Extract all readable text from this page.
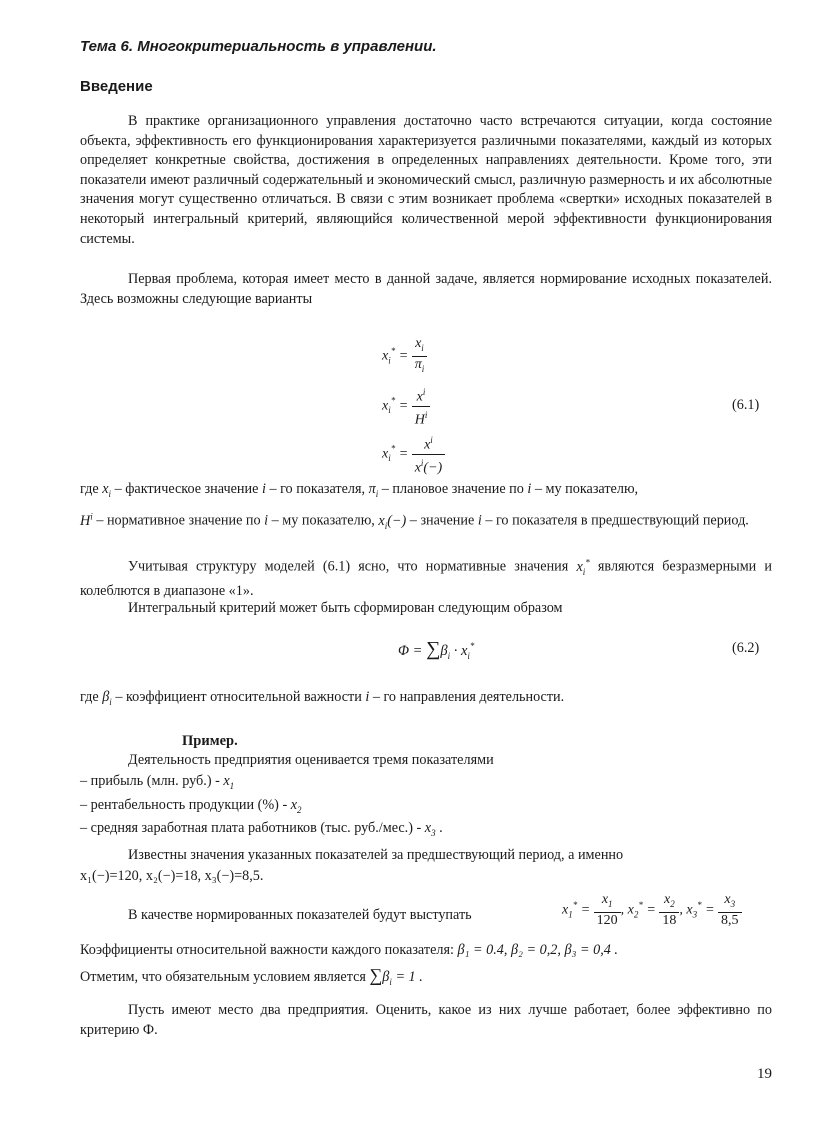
Тема 6. Многокритериальность в управлении.
Введение
В практике организационного управления достаточно часто встречаются ситуации, когда состояние объекта, эффективность его функционирования характеризуется различными показателями, каждый из которых определяет конкретные свойства, достижения в определенных направлениях деятельности. Кроме того, эти показатели имеют различный содержательный и экономический смысл, различную размерность и их абсолютные значения могут существенно отличаться. В связи с этим возникает проблема «свертки» исходных показателей в некоторый интегральный критерий, являющийся количественной мерой эффективности функционирования системы.
Первая проблема, которая имеет место в данной задаче, является нормирование исходных показателей. Здесь возможны следующие варианты
$x_i^* = \frac{x_i}{\pi_i}$
$x_i^* = \frac{x^i}{H^i}$
$x_i^* = \frac{x^i}{x^i(-)}$
(6.1)
где $x_i$ – фактическое значение i – го показателя, $\pi_i$ – плановое значение по i – му показателю,
$H^i$ – нормативное значение по i – му показателю, $x_i(-)$ – значение i – го показателя в предшествующий период.
Учитывая структуру моделей (6.1) ясно, что нормативные значения $x_i^*$ являются безразмерными и колеблются в диапазоне «1».
Интегральный критерий может быть сформирован следующим образом
$\Phi = \sum\beta_i \cdot x_i^*$	(6.2)
где $\beta_i$ – коэффициент относительной важности i – го направления деятельности.
Пример.
Деятельность предприятия оценивается тремя показателями
– прибыль (млн. $руб.) - x_1$
– рентабельность продукции (%) - $x_2$
– средняя заработная плата работников (тыс. $руб./мес.) - x_3$ .
Известны значения указанных показателей за предшествующий период, а именно
x₁(−)=120, x₂(−)=18, x₃(−)=8,5.
В качестве нормированных показателей будут выступать	$x_1^* = \frac{x_1}{120}$ , $x_2^* = \frac{x_2}{18}$ , $x_3^* = \frac{x_3}{8,5}$
Коэффициенты относительной важности каждого показателя: β₁ = 0.4, β₂ = 0,2, β₃ = 0,4 .
Отметим, что обязательным условием является $\sum\beta_i = 1$ .
Пусть имеют место два предприятия. Оценить, какое из них лучше работает, более эффективно по критерию Ф.
19
